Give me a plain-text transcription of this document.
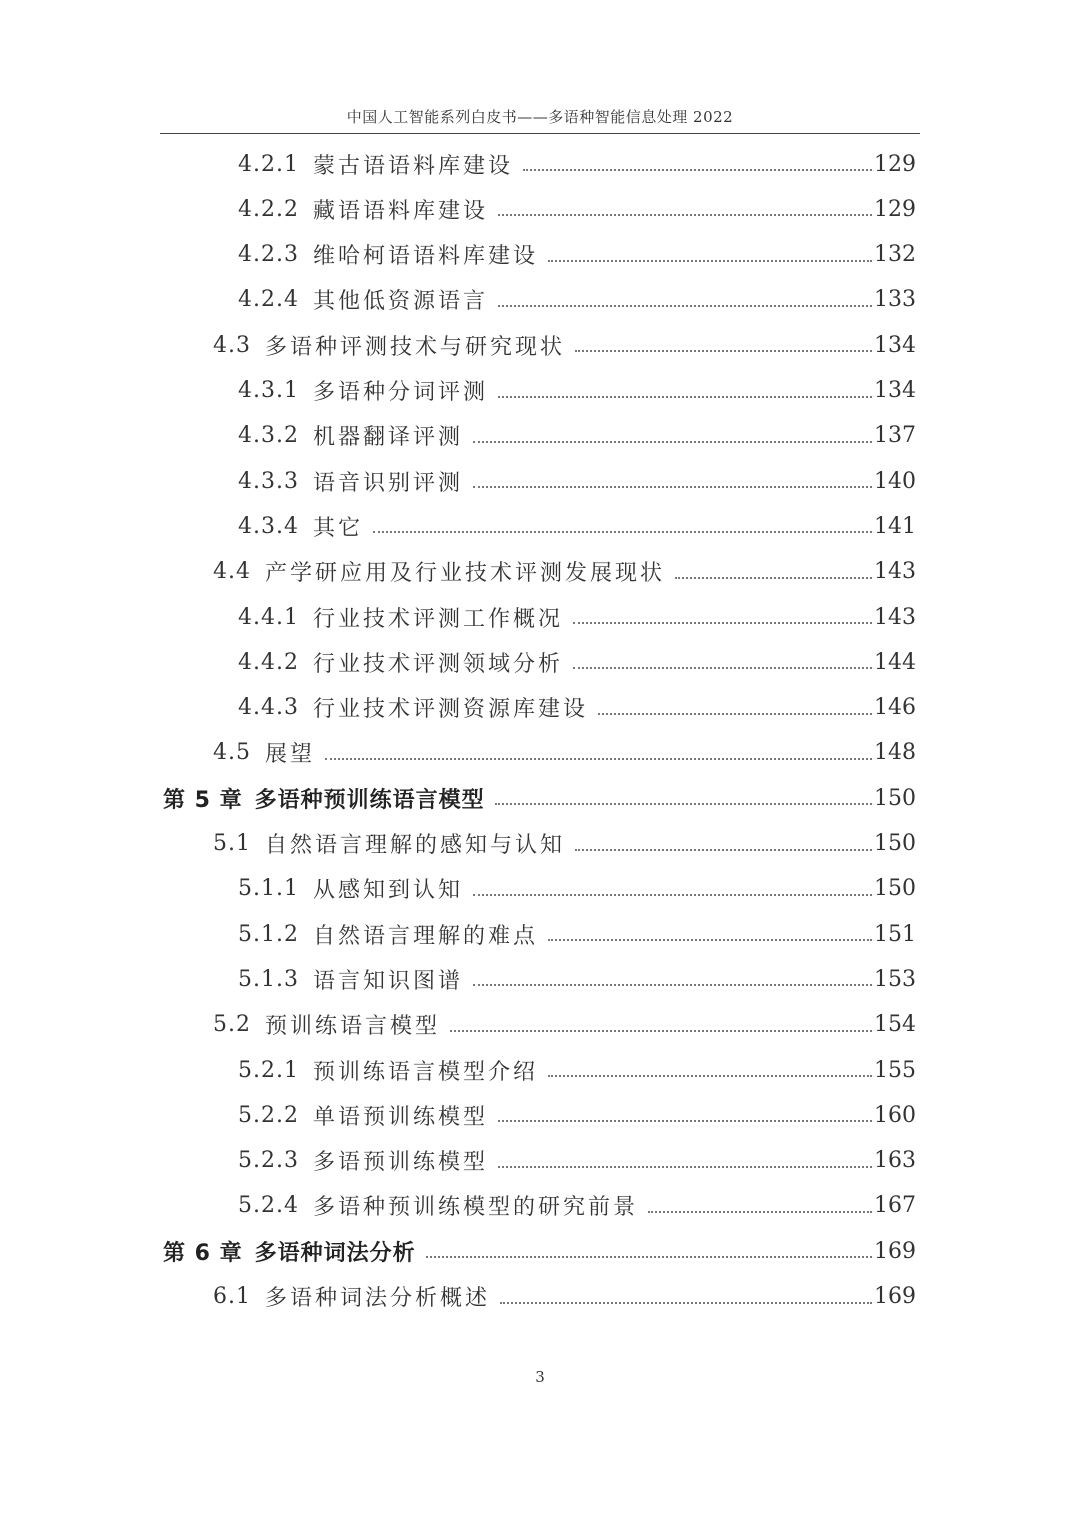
中国人工智能系列白皮书——多语种智能信息处理 2022
4.2.1 蒙古语语料库建设	129
4.2.2 藏语语料库建设	129
4.2.3 维哈柯语语料库建设	132
4.2.4 其他低资源语言	133
4.3 多语种评测技术与研究现状	134
4.3.1 多语种分词评测	134
4.3.2 机器翻译评测	137
4.3.3 语音识别评测	140
4.3.4 其它	141
4.4 产学研应用及行业技术评测发展现状	143
4.4.1 行业技术评测工作概况	143
4.4.2 行业技术评测领域分析	144
4.4.3 行业技术评测资源库建设	146
4.5 展望	148
第 5 章 多语种预训练语言模型	150
5.1 自然语言理解的感知与认知	150
5.1.1 从感知到认知	150
5.1.2 自然语言理解的难点	151
5.1.3 语言知识图谱	153
5.2 预训练语言模型	154
5.2.1 预训练语言模型介绍	155
5.2.2 单语预训练模型	160
5.2.3 多语预训练模型	163
5.2.4 多语种预训练模型的研究前景	167
第 6 章 多语种词法分析	169
6.1 多语种词法分析概述	169
3
